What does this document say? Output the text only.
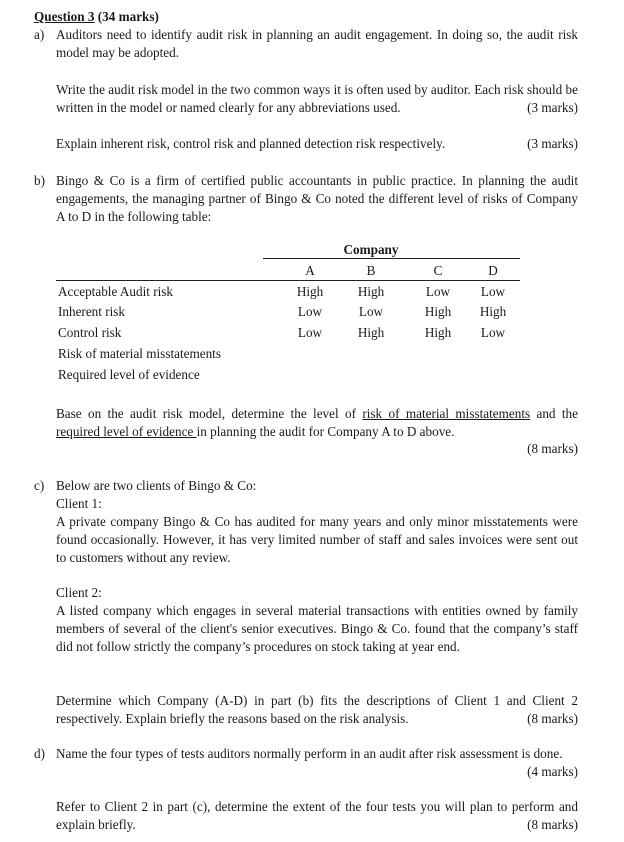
Question 3 (34 marks)
a) Auditors need to identify audit risk in planning an audit engagement. In doing so, the audit risk model may be adopted.
Write the audit risk model in the two common ways it is often used by auditor. Each risk should be written in the model or named clearly for any abbreviations used.	(3 marks)
Explain inherent risk, control risk and planned detection risk respectively.	(3 marks)
b) Bingo & Co is a firm of certified public accountants in public practice. In planning the audit engagements, the managing partner of Bingo & Co noted the different level of risks of Company A to D in the following table:
Company
A	B	C	D
Acceptable Audit risk	High	High	Low	Low
Inherent risk	Low	Low	High	High
Control risk	Low	High	High	Low
Risk of material misstatements
Required level of evidence
Base on the audit risk model, determine the level of risk of material misstatements and the required level of evidence in planning the audit for Company A to D above.
(8 marks)
c) Below are two clients of Bingo & Co:
Client 1:
A private company Bingo & Co has audited for many years and only minor misstatements were found occasionally. However, it has very limited number of staff and sales invoices were sent out to customers without any review.
Client 2:
A listed company which engages in several material transactions with entities owned by family members of several of the client's senior executives. Bingo & Co. found that the company’s staff did not follow strictly the company’s procedures on stock taking at year end.
Determine which Company (A-D) in part (b) fits the descriptions of Client 1 and Client 2 respectively. Explain briefly the reasons based on the risk analysis.	(8 marks)
d) Name the four types of tests auditors normally perform in an audit after risk assessment is done.
(4 marks)
Refer to Client 2 in part (c), determine the extent of the four tests you will plan to perform and explain briefly.	(8 marks)
